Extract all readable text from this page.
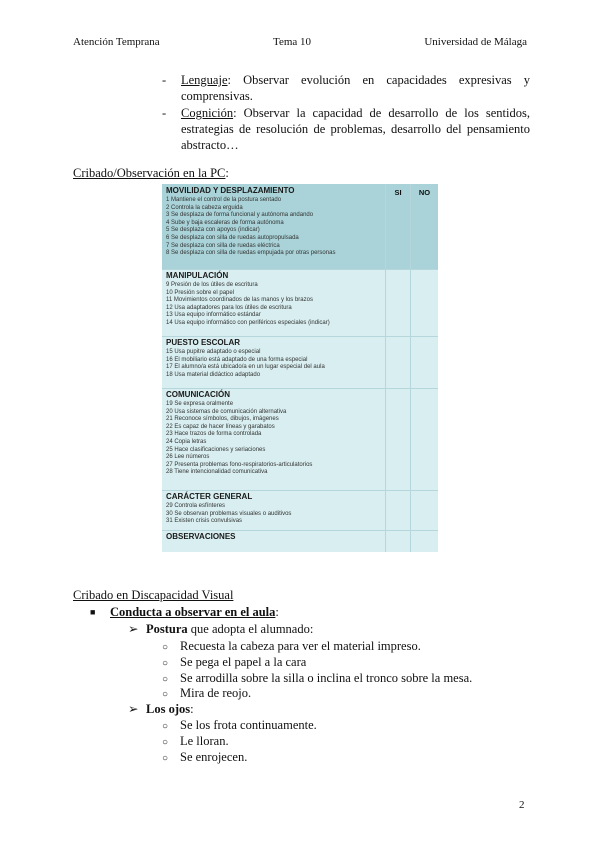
Atención Temprana	Tema 10	Universidad de Málaga
- Lenguaje: Observar evolución en capacidades expresivas y comprensivas.
- Cognición: Observar la capacidad de desarrollo de los sentidos, estrategias de resolución de problemas, desarrollo del pensamiento abstracto…
Cribado/Observación en la PC:
MOVILIDAD Y DESPLAZAMIENTO
1 Mantiene el control de la postura sentado
2 Controla la cabeza erguida
3 Se desplaza de forma funcional y autónoma andando
4 Sube y baja escaleras de forma autónoma
5 Se desplaza con apoyos (indicar)
6 Se desplaza con silla de ruedas autopropulsada
7 Se desplaza con silla de ruedas eléctrica
8 Se desplaza con silla de ruedas empujada por otras personas
SI	NO
MANIPULACIÓN
9 Presión de los útiles de escritura
10 Presión sobre el papel
11 Movimientos coordinados de las manos y los brazos
12 Usa adaptadores para los útiles de escritura
13 Usa equipo informático estándar
14 Usa equipo informático con periféricos especiales (indicar)
PUESTO ESCOLAR
15 Usa pupitre adaptado o especial
16 El mobiliario está adaptado de una forma especial
17 El alumno/a está ubicado/a en un lugar especial del aula
18 Usa material didáctico adaptado
COMUNICACIÓN
19 Se expresa oralmente
20 Usa sistemas de comunicación alternativa
21 Reconoce símbolos, dibujos, imágenes
22 Es capaz de hacer líneas y garabatos
23 Hace trazos de forma controlada
24 Copia letras
25 Hace clasificaciones y seriaciones
26 Lee números
27 Presenta problemas fono-respiratorios-articulatorios
28 Tiene intencionalidad comunicativa
CARÁCTER GENERAL
29 Controla esfínteres
30 Se observan problemas visuales o auditivos
31 Existen crisis convulsivas
OBSERVACIONES
Cribado en Discapacidad Visual
■ Conducta a observar en el aula:
➢ Postura que adopta el alumnado:
○ Recuesta la cabeza para ver el material impreso.
○ Se pega el papel a la cara
○ Se arrodilla sobre la silla o inclina el tronco sobre la mesa.
○ Mira de reojo.
➢ Los ojos:
○ Se los frota continuamente.
○ Le lloran.
○ Se enrojecen.
2
